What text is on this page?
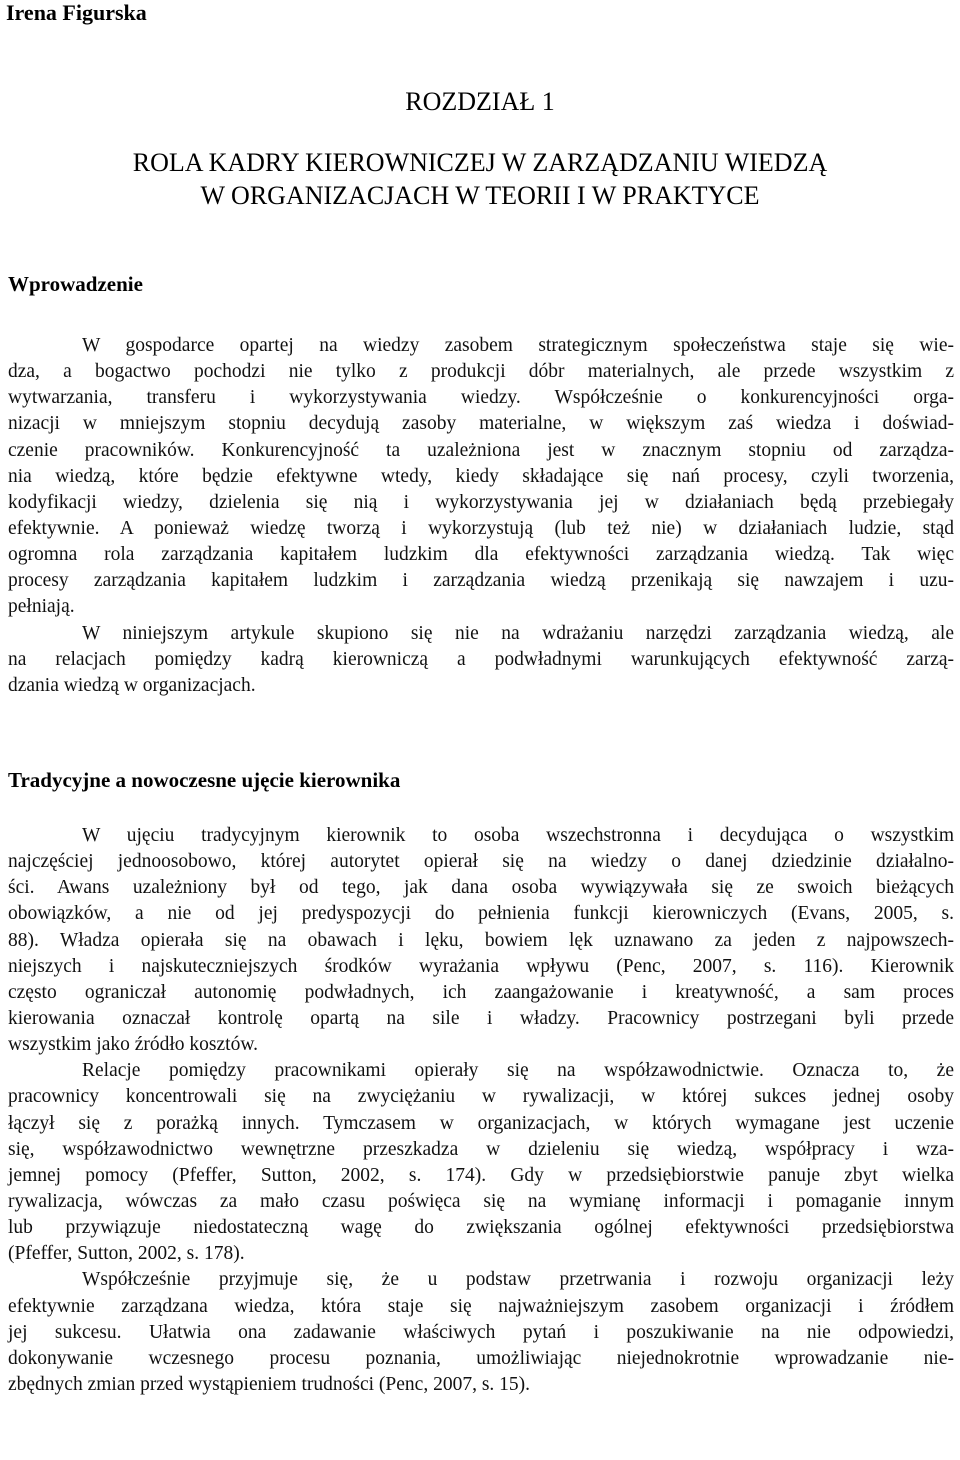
Irena Figurska
ROZDZIAŁ 1
ROLA KADRY KIEROWNICZEJ W ZARZĄDZANIU WIEDZĄ
W ORGANIZACJACH W TEORII I W PRAKTYCE
Wprowadzenie
W gospodarce opartej na wiedzy zasobem strategicznym społeczeństwa staje się wie-
dza, a bogactwo pochodzi nie tylko z produkcji dóbr materialnych, ale przede wszystkim z
wytwarzania, transferu i wykorzystywania wiedzy. Współcześnie o konkurencyjności orga-
nizacji w mniejszym stopniu decydują zasoby materialne, w większym zaś wiedza i doświad-
czenie pracowników. Konkurencyjność ta uzależniona jest w znacznym stopniu od zarządza-
nia wiedzą, które będzie efektywne wtedy, kiedy składające się nań procesy, czyli tworzenia,
kodyfikacji wiedzy, dzielenia się nią i wykorzystywania jej w działaniach będą przebiegały
efektywnie. A ponieważ wiedzę tworzą i wykorzystują (lub też nie) w działaniach ludzie, stąd
ogromna rola zarządzania kapitałem ludzkim dla efektywności zarządzania wiedzą. Tak więc
procesy zarządzania kapitałem ludzkim i zarządzania wiedzą przenikają się nawzajem i uzu-
pełniają.
W niniejszym artykule skupiono się nie na wdrażaniu narzędzi zarządzania wiedzą, ale
na relacjach pomiędzy kadrą kierowniczą a podwładnymi warunkujących efektywność zarzą-
dzania wiedzą w organizacjach.
Tradycyjne a nowoczesne ujęcie kierownika
W ujęciu tradycyjnym kierownik to osoba wszechstronna i decydująca o wszystkim
najczęściej jednoosobowo, której autorytet opierał się na wiedzy o danej dziedzinie działalno-
ści. Awans uzależniony był od tego, jak dana osoba wywiązywała się ze swoich bieżących
obowiązków, a nie od jej predyspozycji do pełnienia funkcji kierowniczych (Evans, 2005, s.
88). Władza opierała się na obawach i lęku, bowiem lęk uznawano za jeden z najpowszech-
niejszych i najskuteczniejszych środków wyrażania wpływu (Penc, 2007, s. 116). Kierownik
często ograniczał autonomię podwładnych, ich zaangażowanie i kreatywność, a sam proces
kierowania oznaczał kontrolę opartą na sile i władzy. Pracownicy postrzegani byli przede
wszystkim jako źródło kosztów.
Relacje pomiędzy pracownikami opierały się na współzawodnictwie. Oznacza to, że
pracownicy koncentrowali się na zwyciężaniu w rywalizacji, w której sukces jednej osoby
łączył się z porażką innych. Tymczasem w organizacjach, w których wymagane jest uczenie
się, współzawodnictwo wewnętrzne przeszkadza w dzieleniu się wiedzą, współpracy i wza-
jemnej pomocy (Pfeffer, Sutton, 2002, s. 174). Gdy w przedsiębiorstwie panuje zbyt wielka
rywalizacja, wówczas za mało czasu poświęca się na wymianę informacji i pomaganie innym
lub przywiązuje niedostateczną wagę do zwiększania ogólnej efektywności przedsiębiorstwa
(Pfeffer, Sutton, 2002, s. 178).
Współcześnie przyjmuje się, że u podstaw przetrwania i rozwoju organizacji leży
efektywnie zarządzana wiedza, która staje się najważniejszym zasobem organizacji i źródłem
jej sukcesu. Ułatwia ona zadawanie właściwych pytań i poszukiwanie na nie odpowiedzi,
dokonywanie wczesnego procesu poznania, umożliwiając niejednokrotnie wprowadzanie nie-
zbędnych zmian przed wystąpieniem trudności (Penc, 2007, s. 15).
